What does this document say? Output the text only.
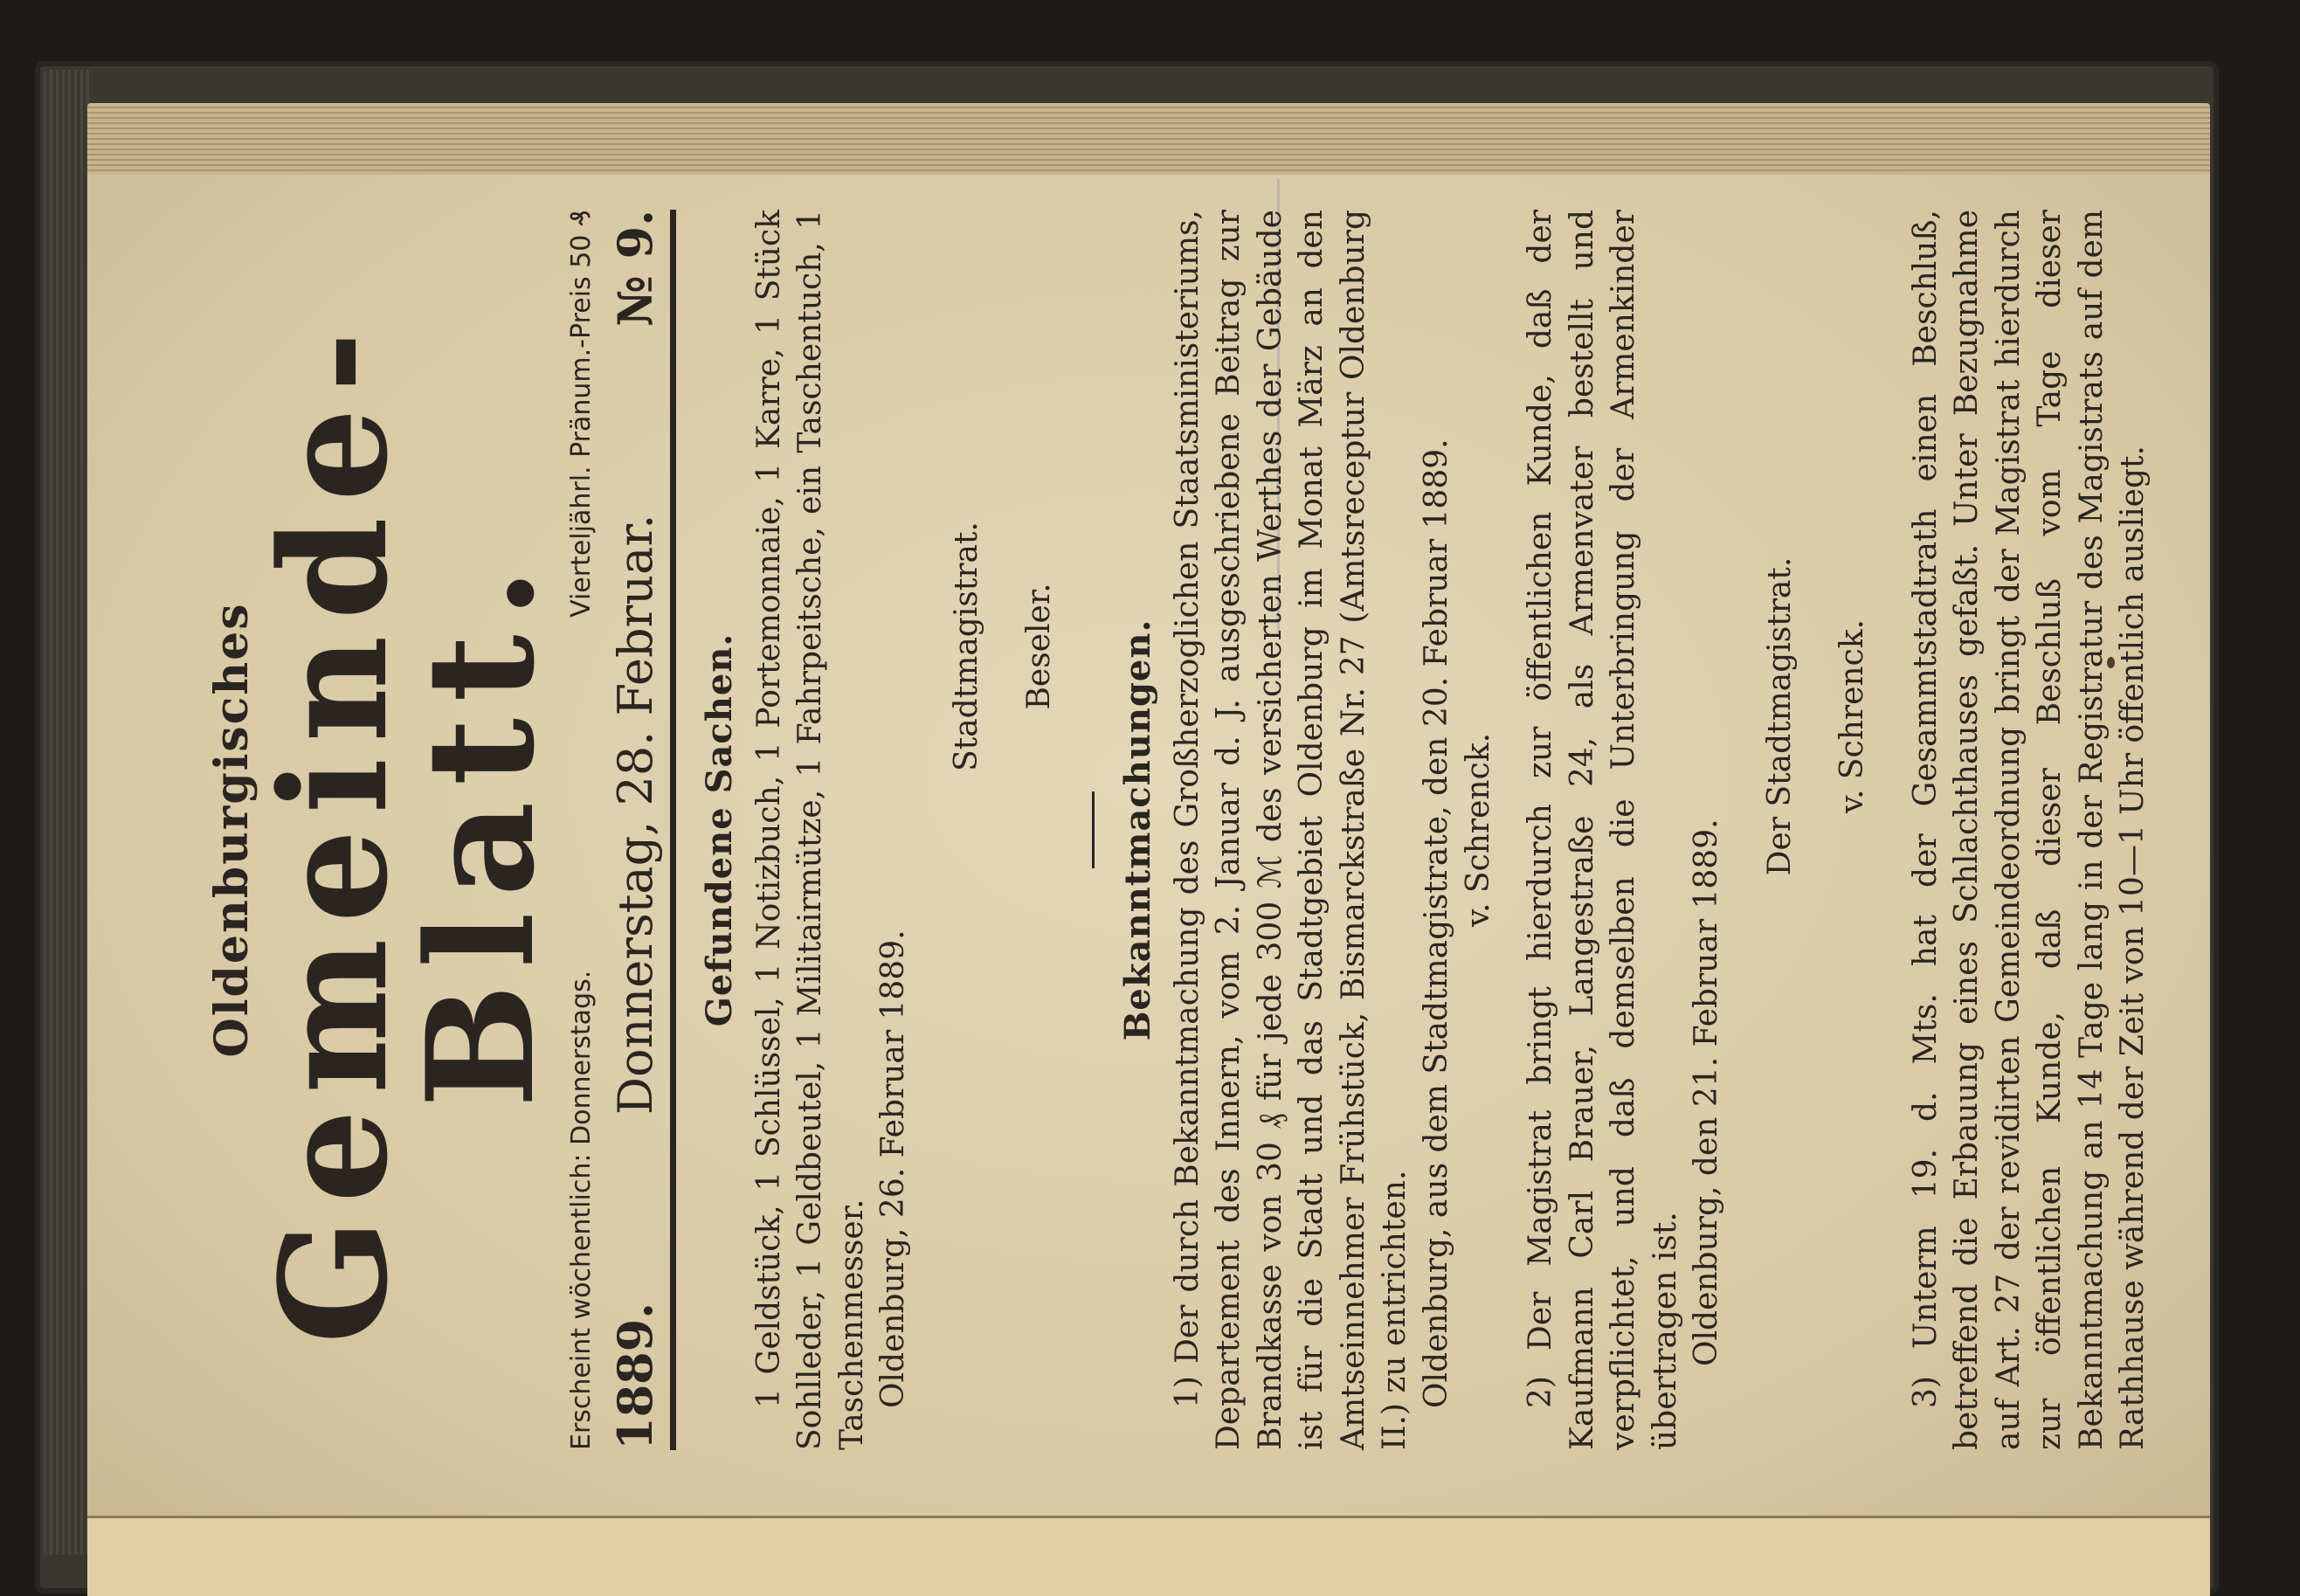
Oldenburgisches

Gemeinde-Blatt.

Erscheint wöchentlich: Donnerstags.
Vierteljährl. Pränum.-Preis 50 ₰
1889.
Donnerstag, 28. Februar.
№ 9.
Gefundene Sachen. 1 Geldstück, 1 Schlüssel, 1 Notizbuch, 1 Portemonnaie, 1 Karre, 1 Stück Sohlleder, 1 Geldbeutel, 1 Militairmütze, 1 Fahrpeitsche, ein Taschentuch, 1 Taschenmesser. Oldenburg, 26. Februar 1889.

Stadtmagistrat. Beseler. Bekanntmachungen. 1) Der durch Bekanntmachung des Großherzoglichen Staatsministeriums, Departement des Innern, vom 2. Januar d. J. ausgeschriebene Beitrag zur Brandkasse von 30 ₰ für jede 300 ℳ des versicherten Werthes der Gebäude ist für die Stadt und das Stadtgebiet Oldenburg im Monat März an den Amtseinnehmer Frühstück, Bismarckstraße Nr. 27 (Amtsreceptur Oldenburg II.) zu entrichten. Oldenburg, aus dem Stadtmagistrate, den 20. Februar 1889. v. Schrenck. 2) Der Magistrat bringt hierdurch zur öffentlichen Kunde, daß der Kaufmann Carl Brauer, Langestraße 24, als Armenvater bestellt und verpflichtet, und daß demselben die Unterbringung der Armenkinder übertragen ist. Oldenburg, den 21. Februar 1889.

Der Stadtmagistrat. v. Schrenck. 3) Unterm 19. d. Mts. hat der Gesammtstadtrath einen Beschluß, betreffend die Erbauung eines Schlachthauses gefaßt. Unter Bezugnahme auf Art. 27 der revidirten Gemeindeordnung bringt der Magistrat hierdurch zur öffentlichen Kunde, daß dieser Beschluß vom Tage dieser Bekanntmachung an 14 Tage lang in der Registratur des Magistrats auf dem Rathhause während der Zeit von 10—1 Uhr öffentlich ausliegt.
